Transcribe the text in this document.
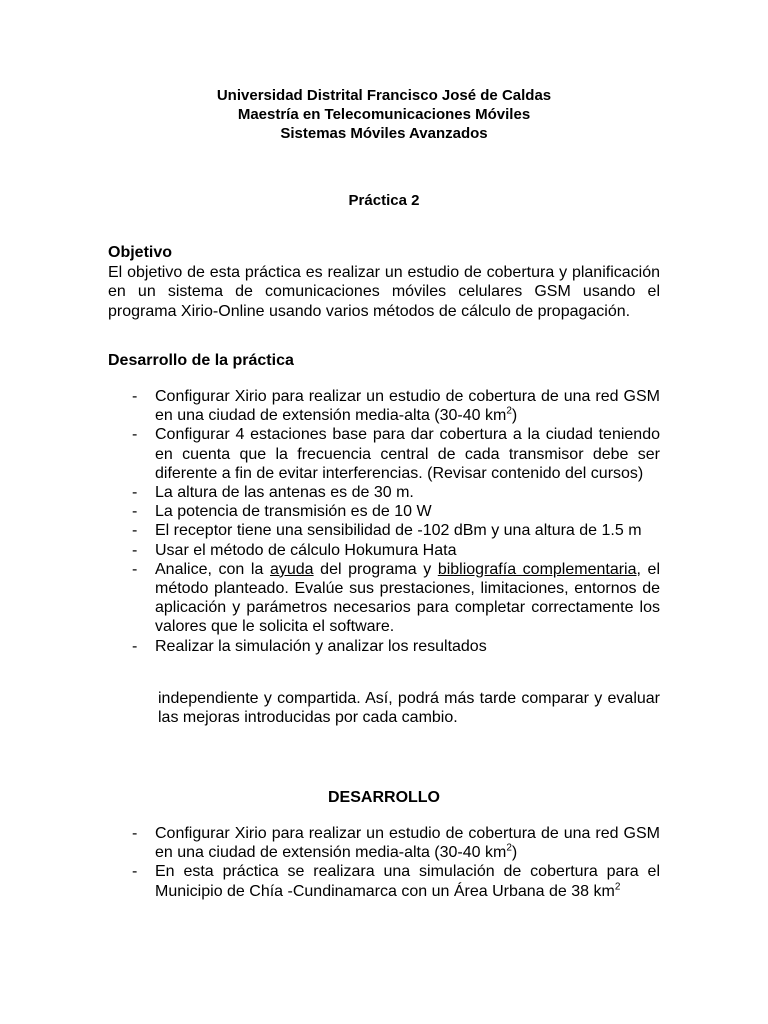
Universidad Distrital Francisco José de Caldas
Maestría en Telecomunicaciones Móviles
Sistemas Móviles Avanzados
Práctica 2
Objetivo
El objetivo de esta práctica es realizar un estudio de cobertura y planificación en un sistema de comunicaciones móviles celulares GSM usando el programa Xirio-Online usando varios métodos de cálculo de propagación.
Desarrollo de la práctica
- Configurar Xirio para realizar un estudio de cobertura de una red GSM en una ciudad de extensión media-alta (30-40 $km^2$)
- Configurar 4 estaciones base para dar cobertura a la ciudad teniendo en cuenta que la frecuencia central de cada transmisor debe ser diferente a fin de evitar interferencias. (Revisar contenido del cursos)
- La altura de las antenas es de 30 m.
- La potencia de transmisión es de 10 W
- El receptor tiene una sensibilidad de -102 dBm y una altura de 1.5 m
- Usar el método de cálculo Hokumura Hata
- Analice, con la ayuda del programa y bibliografía complementaria, el método planteado. Evalúe sus prestaciones, limitaciones, entornos de aplicación y parámetros necesarios para completar correctamente los valores que le solicita el software.
- Realizar la simulación y analizar los resultados
independiente y compartida. Así, podrá más tarde comparar y evaluar las mejoras introducidas por cada cambio.
DESARROLLO
- Configurar Xirio para realizar un estudio de cobertura de una red GSM en una ciudad de extensión media-alta (30-40 $km^2$)
- En esta práctica se realizara una simulación de cobertura para el Municipio de Chía -Cundinamarca con un Área Urbana de 38 $km^2$
